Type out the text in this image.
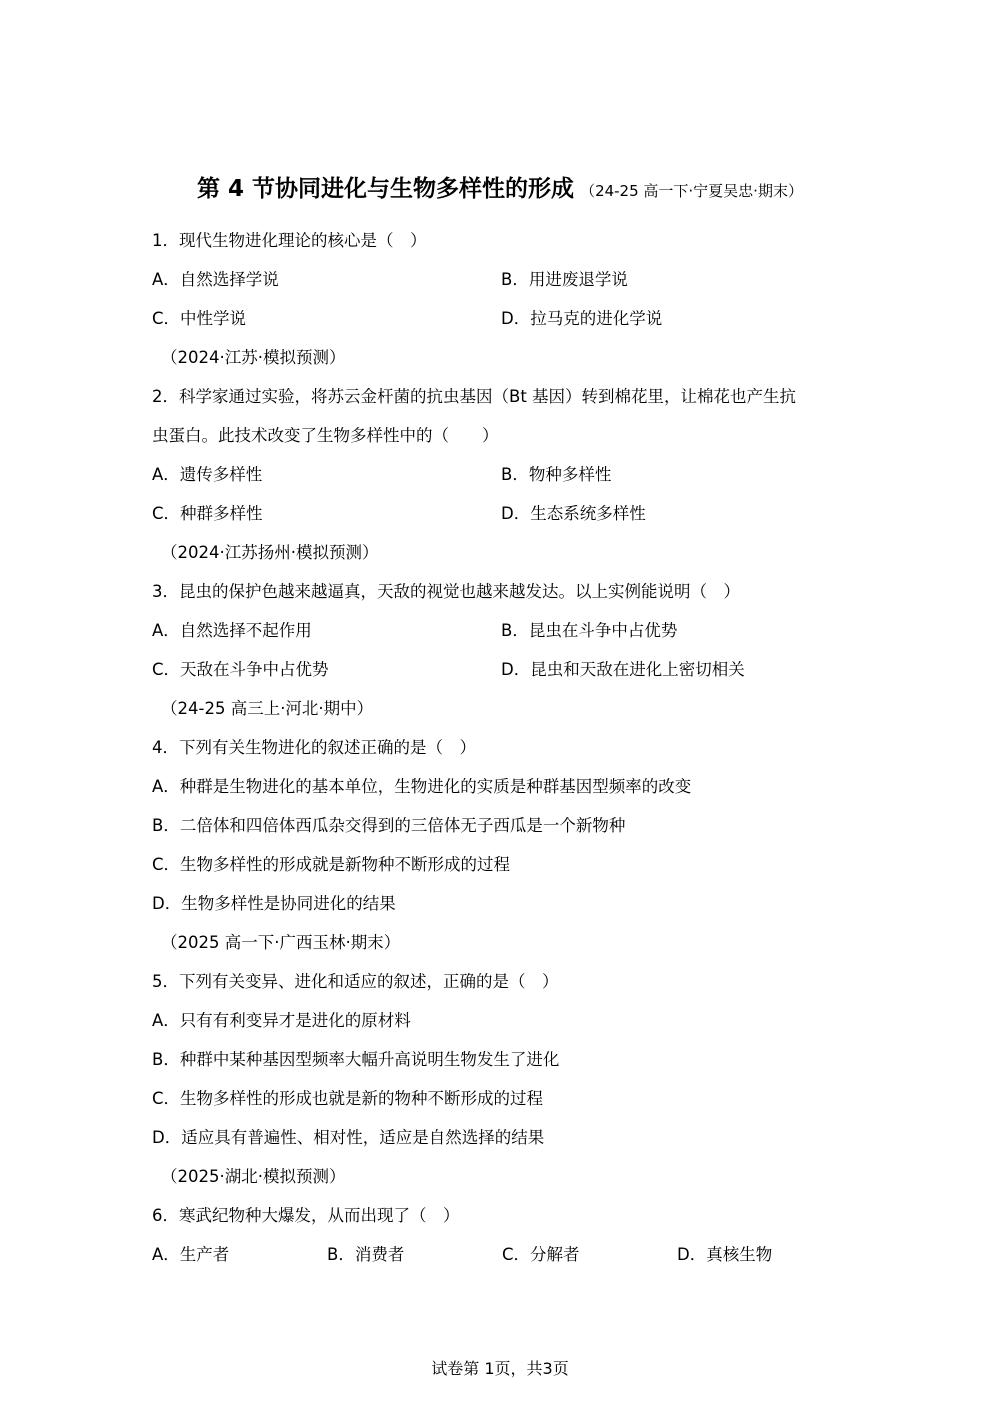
第 4 节协同进化与生物多样性的形成 （24-25 高一下·宁夏吴忠·期末）
1．现代生物进化理论的核心是（　）
A．自然选择学说	B．用进废退学说
C．中性学说	D．拉马克的进化学说
（2024·江苏·模拟预测）
2．科学家通过实验，将苏云金杆菌的抗虫基因（Bt 基因）转到棉花里，让棉花也产生抗
虫蛋白。此技术改变了生物多样性中的（　　）
A．遗传多样性	B．物种多样性
C．种群多样性	D．生态系统多样性
（2024·江苏扬州·模拟预测）
3．昆虫的保护色越来越逼真，天敌的视觉也越来越发达。以上实例能说明（　）
A．自然选择不起作用	B．昆虫在斗争中占优势
C．天敌在斗争中占优势	D．昆虫和天敌在进化上密切相关
（24-25 高三上·河北·期中）
4．下列有关生物进化的叙述正确的是（　）
A．种群是生物进化的基本单位，生物进化的实质是种群基因型频率的改变
B．二倍体和四倍体西瓜杂交得到的三倍体无子西瓜是一个新物种
C．生物多样性的形成就是新物种不断形成的过程
D．生物多样性是协同进化的结果
（2025 高一下·广西玉林·期末）
5．下列有关变异、进化和适应的叙述，正确的是（　）
A．只有有利变异才是进化的原材料
B．种群中某种基因型频率大幅升高说明生物发生了进化
C．生物多样性的形成也就是新的物种不断形成的过程
D．适应具有普遍性、相对性，适应是自然选择的结果
（2025·湖北·模拟预测）
6．寒武纪物种大爆发，从而出现了（　）
A．生产者	B．消费者	C．分解者	D．真核生物
试卷第 1页，共3页
